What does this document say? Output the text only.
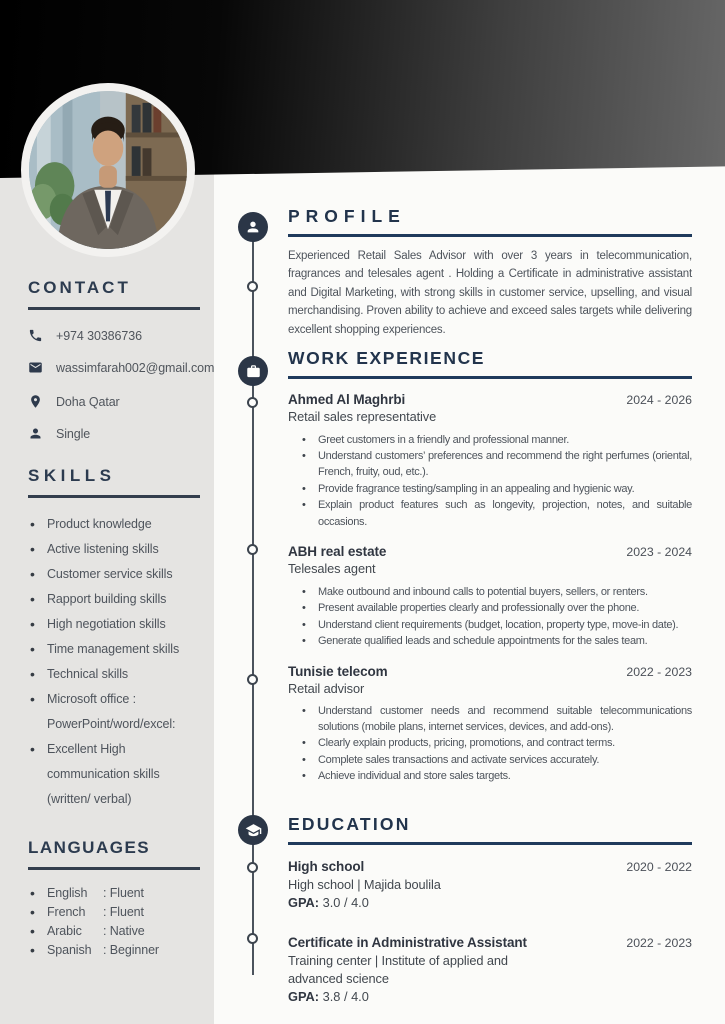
CONTACT
+974 30386736
wassimfarah002@gmail.com
Doha Qatar
Single
SKILLS
• Product knowledge
• Active listening skills
• Customer service skills
• Rapport building skills
• High negotiation skills
• Time management skills
• Technical skills
• Microsoft office : PowerPoint/word/excel:
• Excellent High communication skills (written/ verbal)
LANGUAGES
• English : Fluent
• French : Fluent
• Arabic : Native
• Spanish : Beginner
PROFILE
Experienced Retail Sales Advisor with over 3 years in telecommunication, fragrances and telesales agent . Holding a Certificate in administrative assistant and Digital Marketing, with strong skills in customer service, upselling, and visual merchandising. Proven ability to achieve and exceed sales targets while delivering excellent shopping experiences.
WORK EXPERIENCE
Ahmed Al Maghrbi	2024 - 2026
Retail sales representative
• Greet customers in a friendly and professional manner.
• Understand customers’ preferences and recommend the right perfumes (oriental, French, fruity, oud, etc.).
• Provide fragrance testing/sampling in an appealing and hygienic way.
• Explain product features such as longevity, projection, notes, and suitable occasions.
ABH real estate	2023 - 2024
Telesales agent
• Make outbound and inbound calls to potential buyers, sellers, or renters.
• Present available properties clearly and professionally over the phone.
• Understand client requirements (budget, location, property type, move-in date).
• Generate qualified leads and schedule appointments for the sales team.
Tunisie telecom	2022 - 2023
Retail advisor
• Understand customer needs and recommend suitable telecommunications solutions (mobile plans, internet services, devices, and add-ons).
• Clearly explain products, pricing, promotions, and contract terms.
• Complete sales transactions and activate services accurately.
• Achieve individual and store sales targets.
EDUCATION
High school	2020 - 2022
High school | Majida boulila
GPA: 3.0 / 4.0
Certificate in Administrative Assistant	2022 - 2023
Training center | Institute of applied and advanced science
GPA: 3.8 / 4.0
